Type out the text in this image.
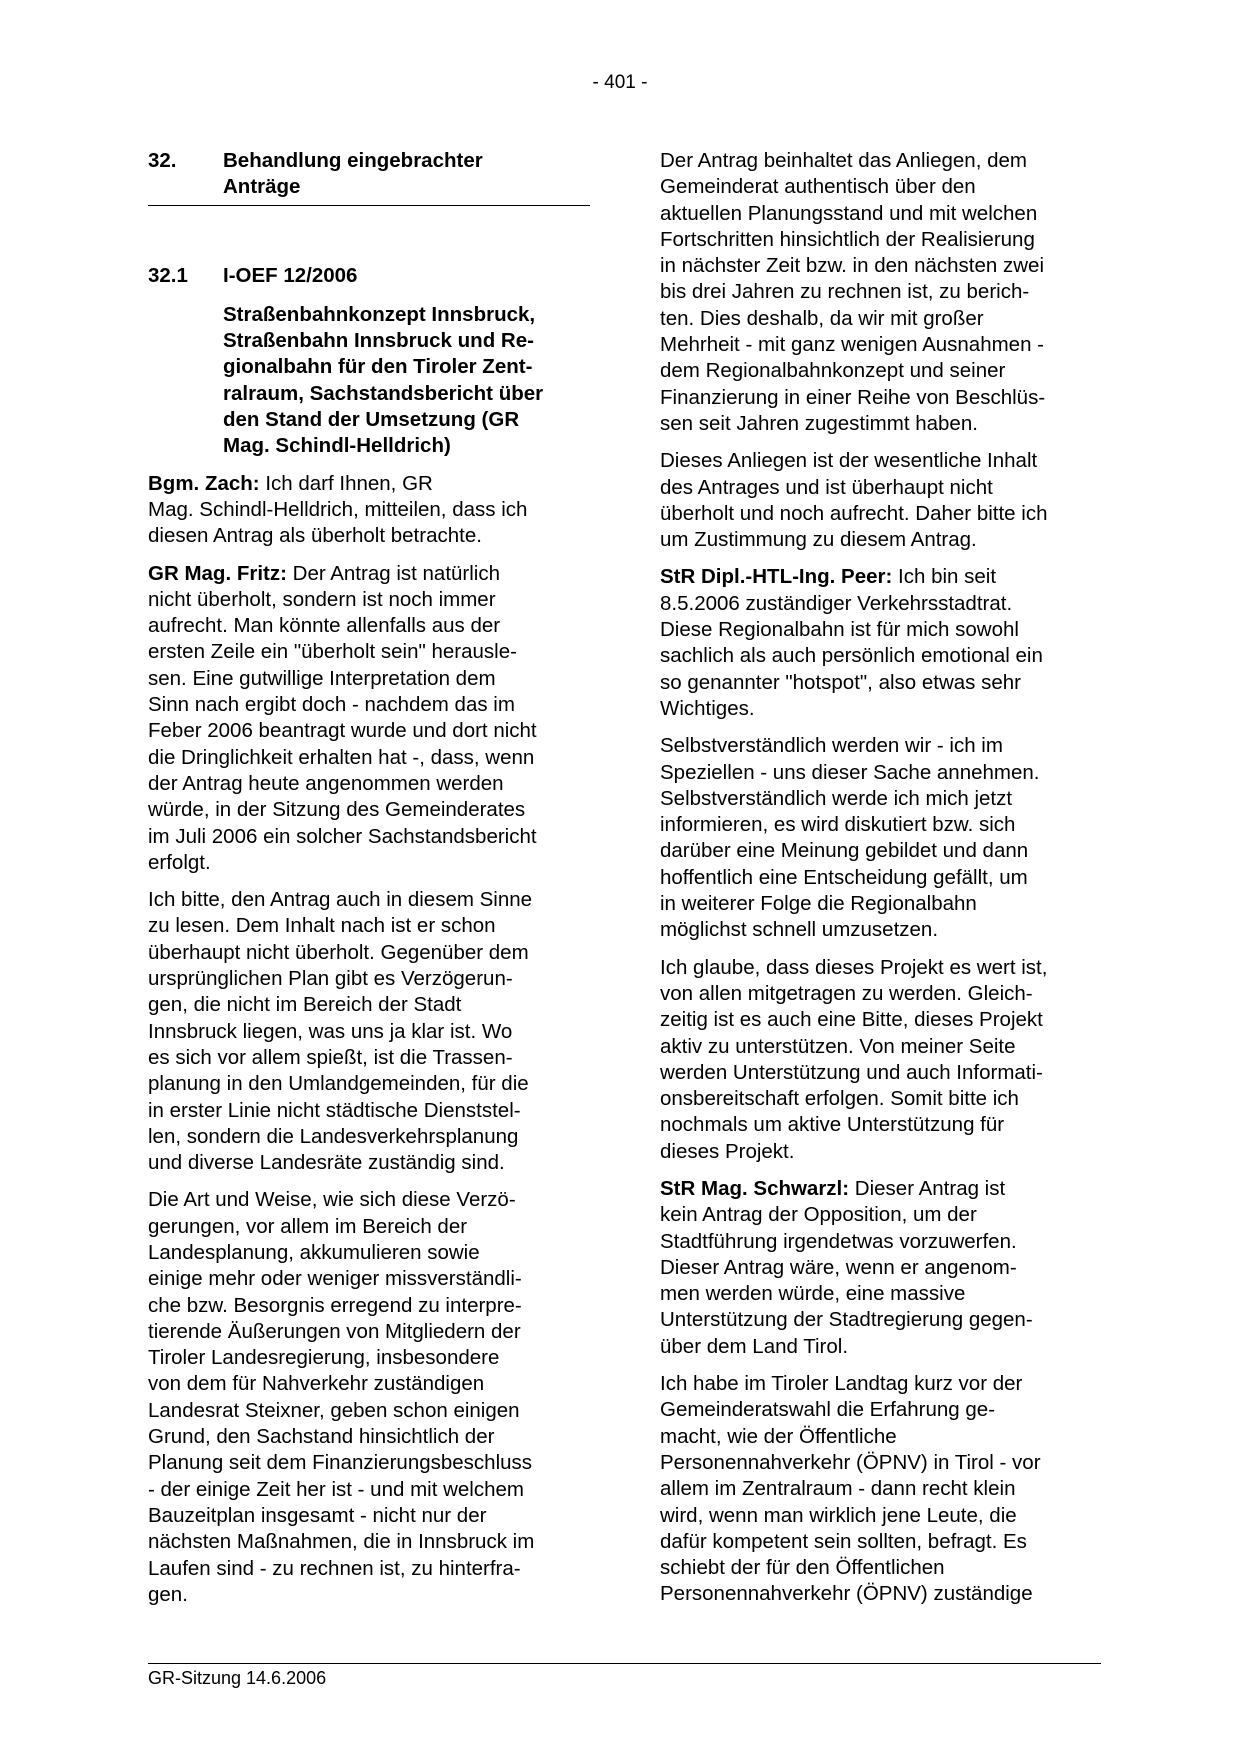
- 401 -
32.	Behandlung eingebrachter
Anträge
32.1	I-OEF 12/2006
Straßenbahnkonzept Innsbruck,
Straßenbahn Innsbruck und Re-
gionalbahn für den Tiroler Zent-
ralraum, Sachstandsbericht über
den Stand der Umsetzung (GR
Mag. Schindl-Helldrich)

Bgm. Zach: Ich darf Ihnen, GR
Mag. Schindl-Helldrich, mitteilen, dass ich
diesen Antrag als überholt betrachte.

GR Mag. Fritz: Der Antrag ist natürlich
nicht überholt, sondern ist noch immer
aufrecht. Man könnte allenfalls aus der
ersten Zeile ein "überholt sein" herausle-
sen. Eine gutwillige Interpretation dem
Sinn nach ergibt doch - nachdem das im
Feber 2006 beantragt wurde und dort nicht
die Dringlichkeit erhalten hat -, dass, wenn
der Antrag heute angenommen werden
würde, in der Sitzung des Gemeinderates
im Juli 2006 ein solcher Sachstandsbericht
erfolgt.

Ich bitte, den Antrag auch in diesem Sinne
zu lesen. Dem Inhalt nach ist er schon
überhaupt nicht überholt. Gegenüber dem
ursprünglichen Plan gibt es Verzögerun-
gen, die nicht im Bereich der Stadt
Innsbruck liegen, was uns ja klar ist. Wo
es sich vor allem spießt, ist die Trassen-
planung in den Umlandgemeinden, für die
in erster Linie nicht städtische Dienststel-
len, sondern die Landesverkehrsplanung
und diverse Landesräte zuständig sind.

Die Art und Weise, wie sich diese Verzö-
gerungen, vor allem im Bereich der
Landesplanung, akkumulieren sowie
einige mehr oder weniger missverständli-
che bzw. Besorgnis erregend zu interpre-
tierende Äußerungen von Mitgliedern der
Tiroler Landesregierung, insbesondere
von dem für Nahverkehr zuständigen
Landesrat Steixner, geben schon einigen
Grund, den Sachstand hinsichtlich der
Planung seit dem Finanzierungsbeschluss
- der einige Zeit her ist - und mit welchem
Bauzeitplan insgesamt - nicht nur der
nächsten Maßnahmen, die in Innsbruck im
Laufen sind - zu rechnen ist, zu hinterfra-
gen.

Der Antrag beinhaltet das Anliegen, dem
Gemeinderat authentisch über den
aktuellen Planungsstand und mit welchen
Fortschritten hinsichtlich der Realisierung
in nächster Zeit bzw. in den nächsten zwei
bis drei Jahren zu rechnen ist, zu berich-
ten. Dies deshalb, da wir mit großer
Mehrheit - mit ganz wenigen Ausnahmen -
dem Regionalbahnkonzept und seiner
Finanzierung in einer Reihe von Beschlüs-
sen seit Jahren zugestimmt haben.

Dieses Anliegen ist der wesentliche Inhalt
des Antrages und ist überhaupt nicht
überholt und noch aufrecht. Daher bitte ich
um Zustimmung zu diesem Antrag.

StR Dipl.-HTL-Ing. Peer: Ich bin seit
8.5.2006 zuständiger Verkehrsstadtrat.
Diese Regionalbahn ist für mich sowohl
sachlich als auch persönlich emotional ein
so genannter "hotspot", also etwas sehr
Wichtiges.

Selbstverständlich werden wir - ich im
Speziellen - uns dieser Sache annehmen.
Selbstverständlich werde ich mich jetzt
informieren, es wird diskutiert bzw. sich
darüber eine Meinung gebildet und dann
hoffentlich eine Entscheidung gefällt, um
in weiterer Folge die Regionalbahn
möglichst schnell umzusetzen.

Ich glaube, dass dieses Projekt es wert ist,
von allen mitgetragen zu werden. Gleich-
zeitig ist es auch eine Bitte, dieses Projekt
aktiv zu unterstützen. Von meiner Seite
werden Unterstützung und auch Informati-
onsbereitschaft erfolgen. Somit bitte ich
nochmals um aktive Unterstützung für
dieses Projekt.

StR Mag. Schwarzl: Dieser Antrag ist
kein Antrag der Opposition, um der
Stadtführung irgendetwas vorzuwerfen.
Dieser Antrag wäre, wenn er angenom-
men werden würde, eine massive
Unterstützung der Stadtregierung gegen-
über dem Land Tirol.

Ich habe im Tiroler Landtag kurz vor der
Gemeinderatswahl die Erfahrung ge-
macht, wie der Öffentliche
Personennahverkehr (ÖPNV) in Tirol - vor
allem im Zentralraum - dann recht klein
wird, wenn man wirklich jene Leute, die
dafür kompetent sein sollten, befragt. Es
schiebt der für den Öffentlichen
Personennahverkehr (ÖPNV) zuständige

GR-Sitzung 14.6.2006
